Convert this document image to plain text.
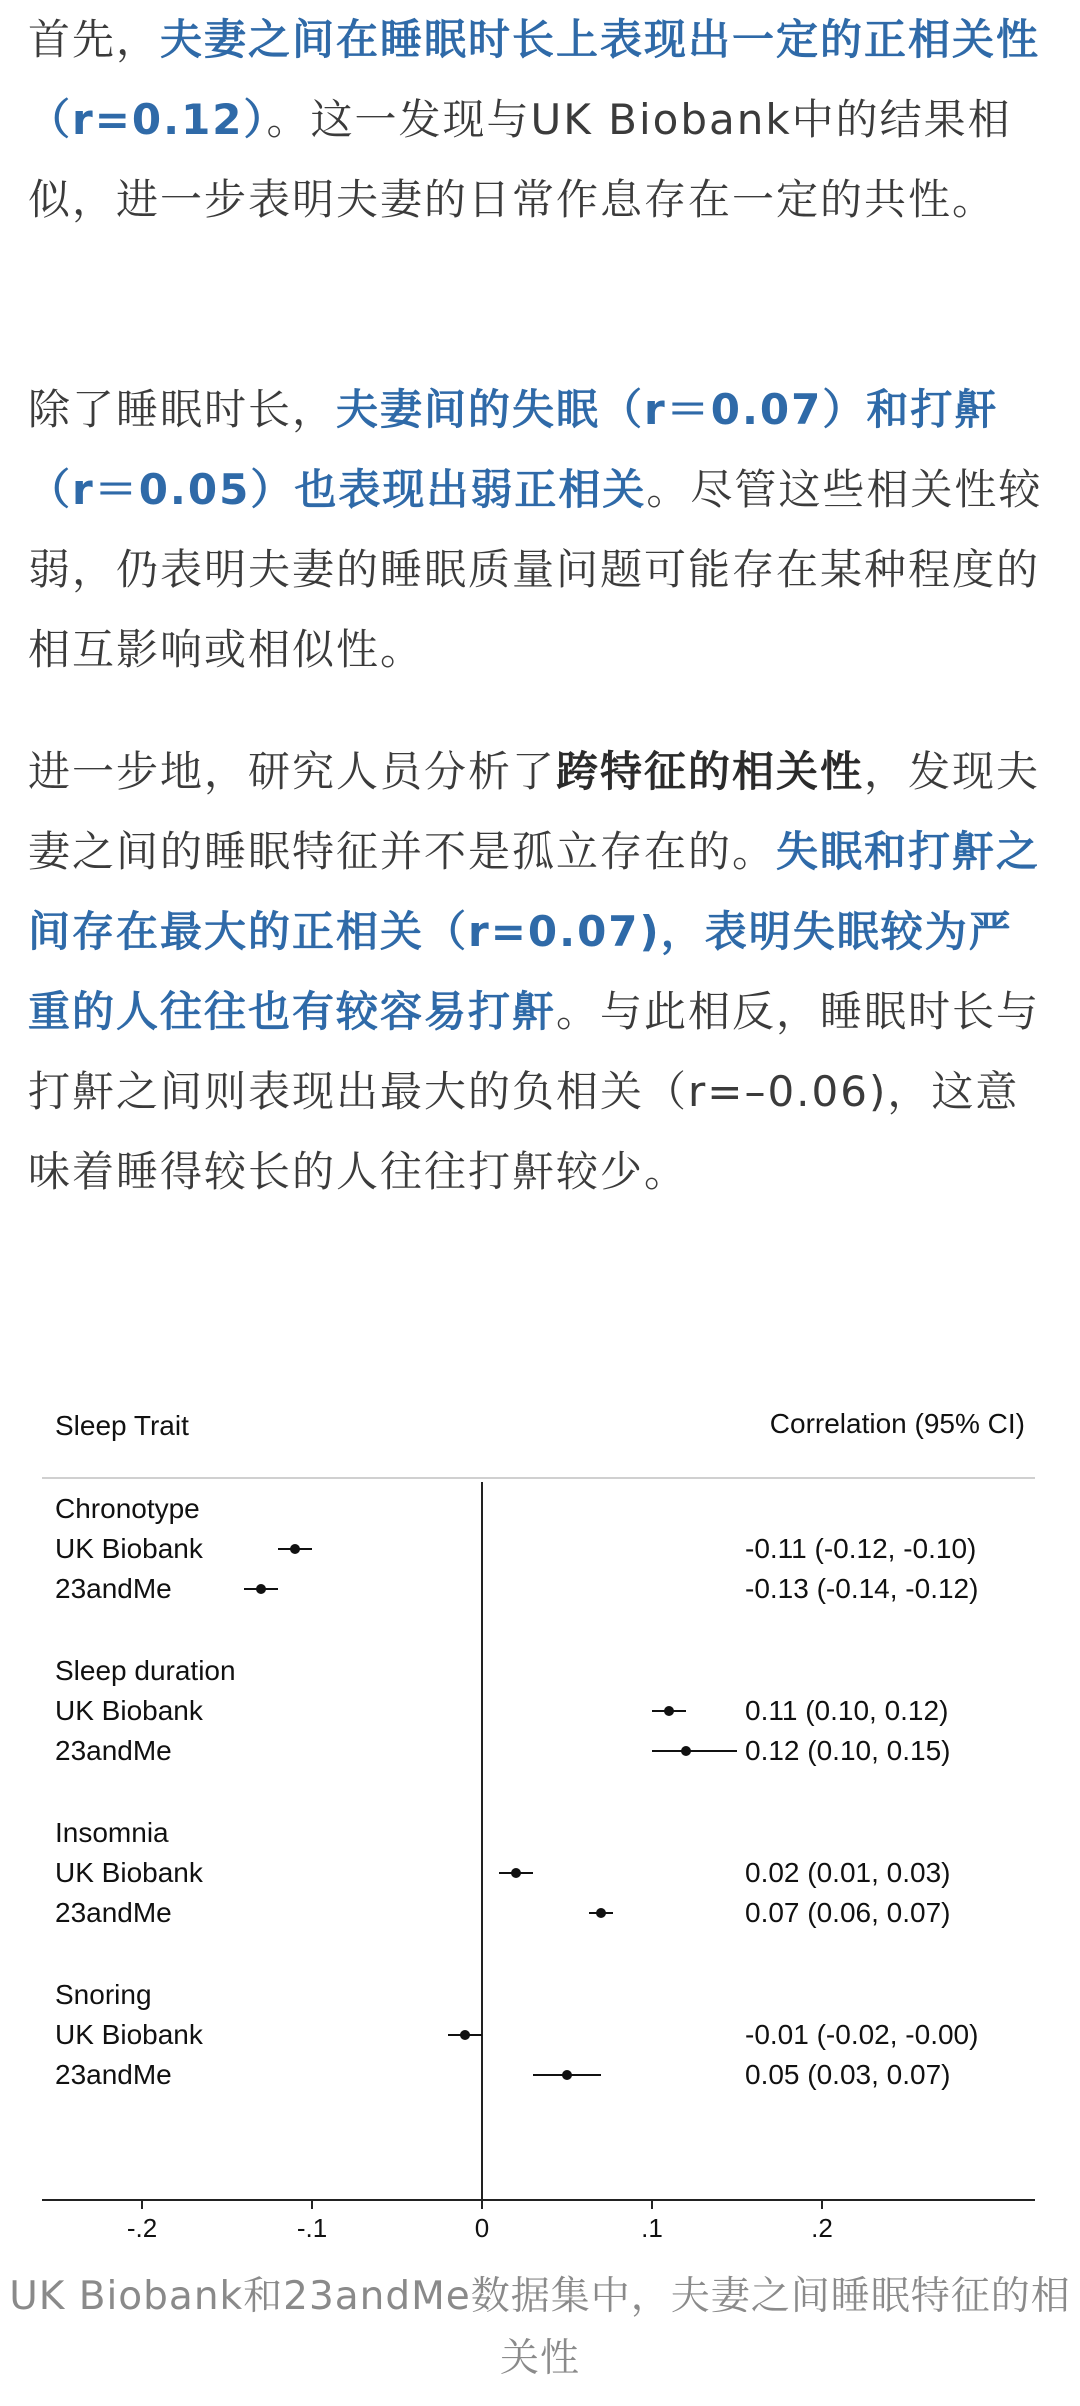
首先，夫妻之间在睡眠时长上表现出一定的正相关性（r=0.12）。这一发现与UK Biobank中的结果相似，进一步表明夫妻的日常作息存在一定的共性。

除了睡眠时长，夫妻间的失眠（r＝0.07）和打鼾（r＝0.05）也表现出弱正相关。尽管这些相关性较弱，仍表明夫妻的睡眠质量问题可能存在某种程度的相互影响或相似性。

进一步地，研究人员分析了跨特征的相关性，发现夫妻之间的睡眠特征并不是孤立存在的。失眠和打鼾之间存在最大的正相关（r=0.07)，表明失眠较为严重的人往往也有较容易打鼾。与此相反，睡眠时长与打鼾之间则表现出最大的负相关（r=–0.06)，这意味着睡得较长的人往往打鼾较少。

Sleep Trait	Correlation (95% CI)
Chronotype
UK Biobank	-0.11 (-0.12, -0.10)
23andMe	-0.13 (-0.14, -0.12)
Sleep duration
UK Biobank	0.11 (0.10, 0.12)
23andMe	0.12 (0.10, 0.15)
Insomnia
UK Biobank	0.02 (0.01, 0.03)
23andMe	0.07 (0.06, 0.07)
Snoring
UK Biobank	-0.01 (-0.02, -0.00)
23andMe	0.05 (0.03, 0.07)
-.2	-.1	0	.1	.2
UK Biobank和23andMe数据集中，夫妻之间睡眠特征的相关性
